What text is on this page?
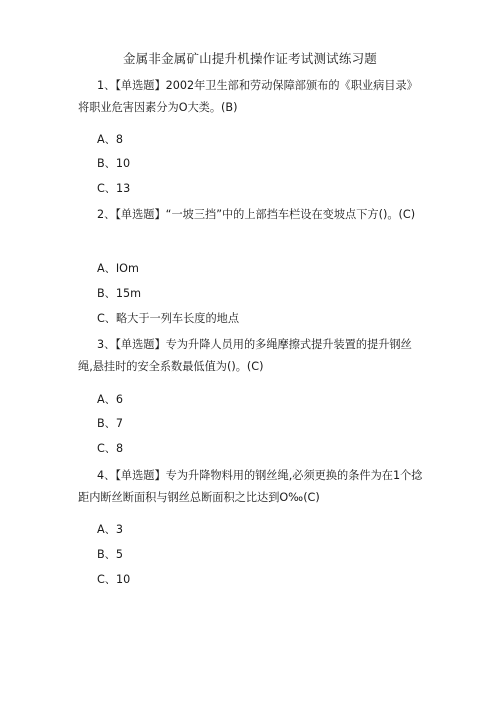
金属非金属矿山提升机操作证考试测试练习题
1、【单选题】2002年卫生部和劳动保障部颁布的《职业病目录》将职业危害因素分为O大类。(B)
A、8
B、10
C、13
2、【单选题】“一坡三挡”中的上部挡车栏设在变坡点下方()。(C)
A、IOm
B、15m
C、略大于一列车长度的地点
3、【单选题】专为升降人员用的多绳摩擦式提升装置的提升钢丝绳,悬挂时的安全系数最低值为()。(C)
A、6
B、7
C、8
4、【单选题】专为升降物料用的钢丝绳,必须更换的条件为在1个捻距内断丝断面积与钢丝总断面积之比达到O‰(C)
A、3
B、5
C、10
